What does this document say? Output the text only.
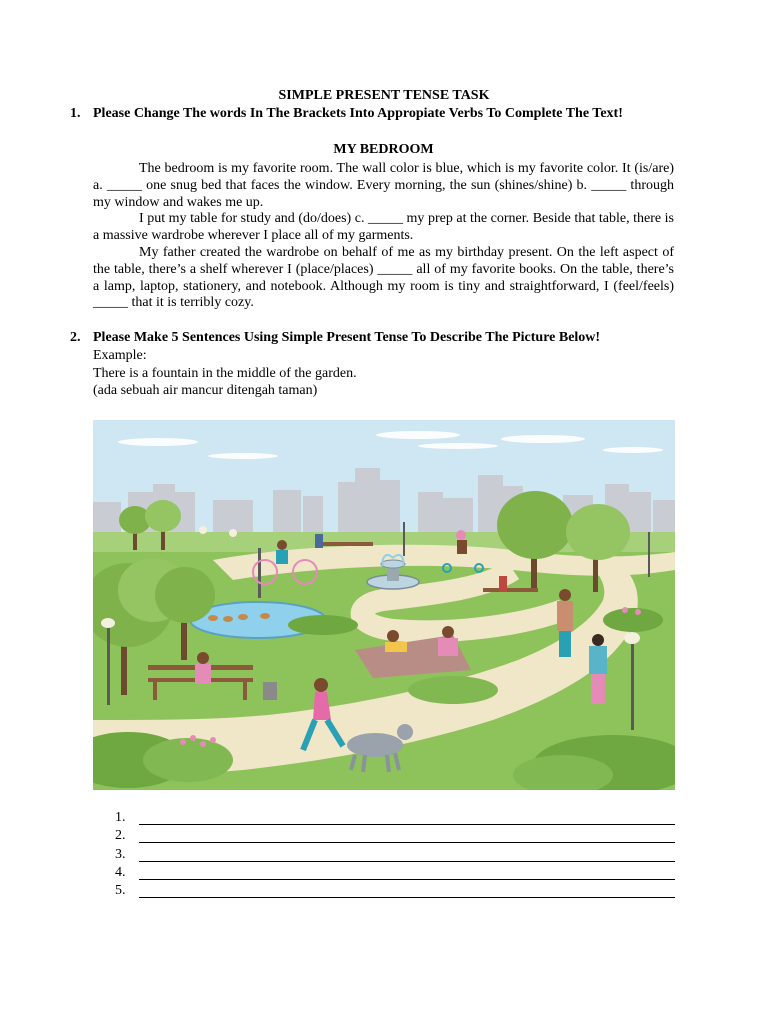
SIMPLE PRESENT TENSE TASK
1. Please Change The words In The Brackets Into Appropiate Verbs To Complete The Text!
MY BEDROOM

The bedroom is my favorite room. The wall color is blue, which is my favorite color. It (is/are) a. _____ one snug bed that faces the window. Every morning, the sun (shines/shine) b. _____ through my window and wakes me up.

I put my table for study and (do/does) c. _____ my prep at the corner. Beside that table, there is a massive wardrobe wherever I place all of my garments.

My father created the wardrobe on behalf of me as my birthday present. On the left aspect of the table, there’s a shelf wherever I (place/places) _____ all of my favorite books. On the table, there’s a lamp, laptop, stationery, and notebook. Although my room is tiny and straightforward, I (feel/feels) _____ that it is terribly cozy.

2. Please Make 5 Sentences Using Simple Present Tense To Describe The Picture Below!
Example:
There is a fountain in the middle of the garden.
(ada sebuah air mancur ditengah taman)
1.
2.
3.
4.
5.
